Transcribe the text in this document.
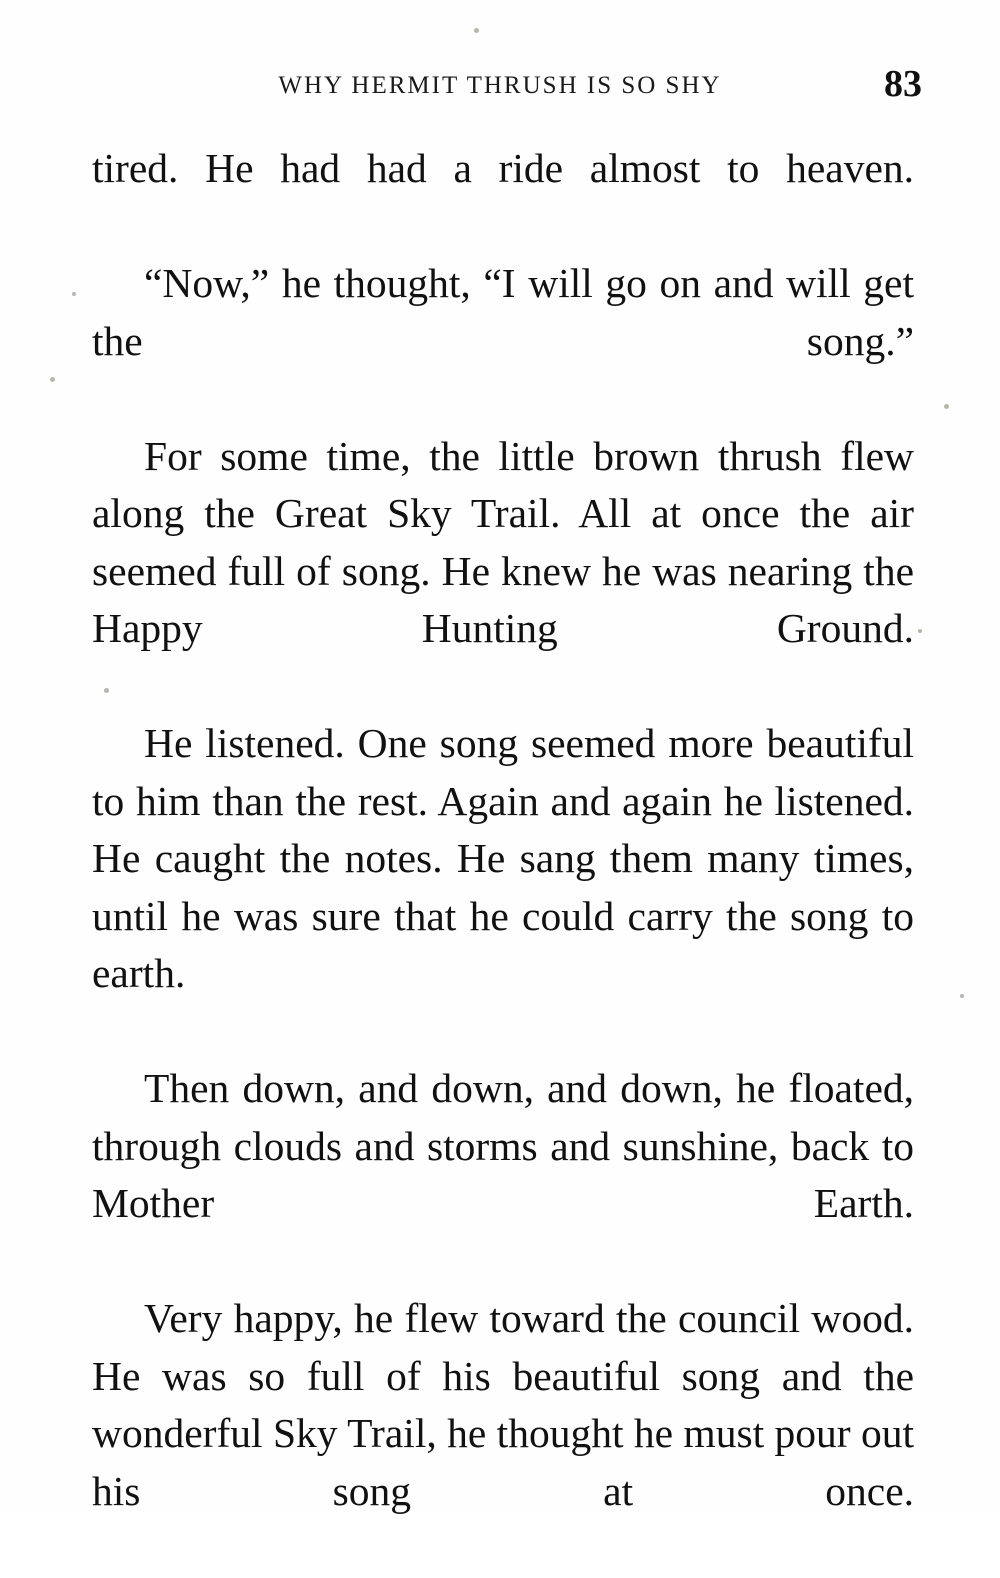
WHY HERMIT THRUSH IS SO SHY	83

tired. He had had a ride almost to heaven.

“Now,” he thought, “I will go on and will get the song.”

For some time, the little brown thrush flew along the Great Sky Trail. All at once the air seemed full of song. He knew he was nearing the Happy Hunting Ground.

He listened. One song seemed more beautiful to him than the rest. Again and again he listened. He caught the notes. He sang them many times, until he was sure that he could carry the song to earth.

Then down, and down, and down, he floated, through clouds and storms and sunshine, back to Mother Earth.

Very happy, he flew toward the council wood. He was so full of his beautiful song and the wonderful Sky Trail, he thought he must pour out his song at once.
